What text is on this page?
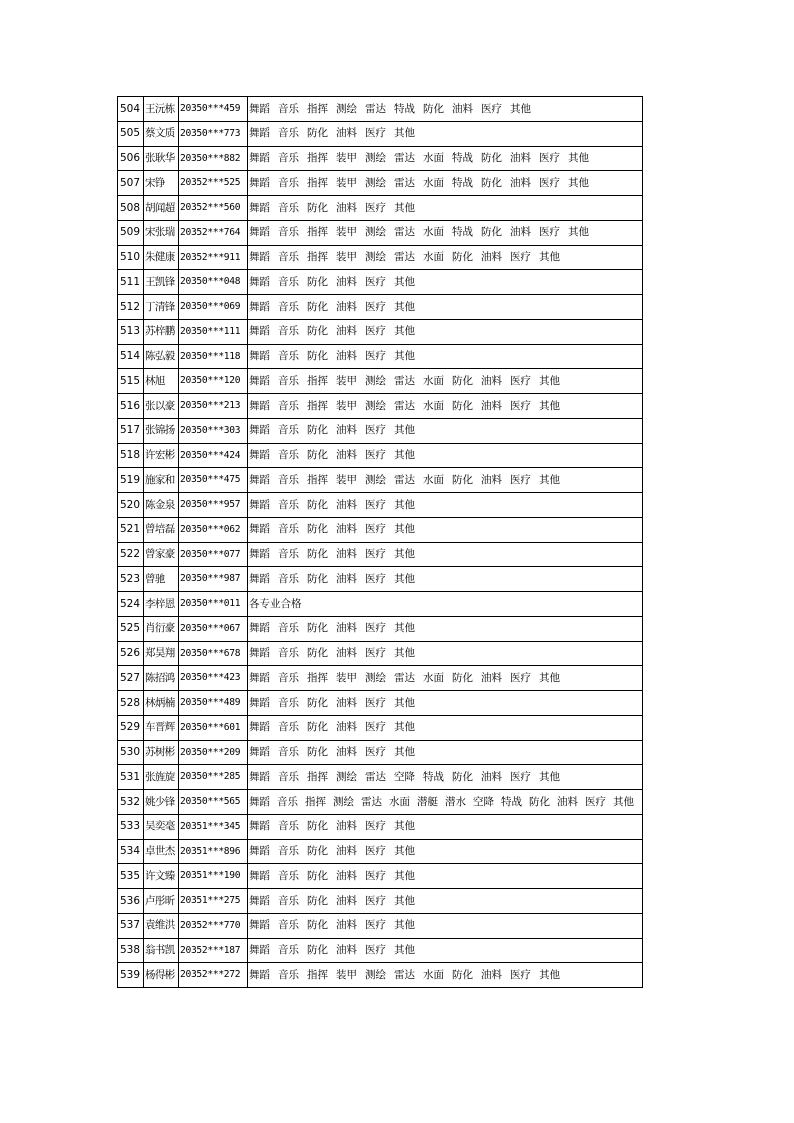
504	王沅栋	20350***459	舞蹈 音乐 指挥 测绘 雷达 特战 防化 油料 医疗 其他
505	蔡文质	20350***773	舞蹈 音乐 防化 油料 医疗 其他
506	张耿华	20350***882	舞蹈 音乐 指挥 装甲 测绘 雷达 水面 特战 防化 油料 医疗 其他
507	宋铮	20352***525	舞蹈 音乐 指挥 装甲 测绘 雷达 水面 特战 防化 油料 医疗 其他
508	胡闻超	20352***560	舞蹈 音乐 防化 油料 医疗 其他
509	宋张瑞	20352***764	舞蹈 音乐 指挥 装甲 测绘 雷达 水面 特战 防化 油料 医疗 其他
510	朱健康	20352***911	舞蹈 音乐 指挥 装甲 测绘 雷达 水面 防化 油料 医疗 其他
511	王凯锋	20350***048	舞蹈 音乐 防化 油料 医疗 其他
512	丁清锋	20350***069	舞蹈 音乐 防化 油料 医疗 其他
513	苏梓鹏	20350***111	舞蹈 音乐 防化 油料 医疗 其他
514	陈弘毅	20350***118	舞蹈 音乐 防化 油料 医疗 其他
515	林旭	20350***120	舞蹈 音乐 指挥 装甲 测绘 雷达 水面 防化 油料 医疗 其他
516	张以豪	20350***213	舞蹈 音乐 指挥 装甲 测绘 雷达 水面 防化 油料 医疗 其他
517	张锦扬	20350***303	舞蹈 音乐 防化 油料 医疗 其他
518	许宏彬	20350***424	舞蹈 音乐 防化 油料 医疗 其他
519	施家和	20350***475	舞蹈 音乐 指挥 装甲 测绘 雷达 水面 防化 油料 医疗 其他
520	陈金泉	20350***957	舞蹈 音乐 防化 油料 医疗 其他
521	曾培磊	20350***062	舞蹈 音乐 防化 油料 医疗 其他
522	曾家豪	20350***077	舞蹈 音乐 防化 油料 医疗 其他
523	曾驰	20350***987	舞蹈 音乐 防化 油料 医疗 其他
524	李梓恩	20350***011	各专业合格
525	肖衍豪	20350***067	舞蹈 音乐 防化 油料 医疗 其他
526	郑昊翔	20350***678	舞蹈 音乐 防化 油料 医疗 其他
527	陈招鸿	20350***423	舞蹈 音乐 指挥 装甲 测绘 雷达 水面 防化 油料 医疗 其他
528	林炳楠	20350***489	舞蹈 音乐 防化 油料 医疗 其他
529	车晋辉	20350***601	舞蹈 音乐 防化 油料 医疗 其他
530	苏树彬	20350***209	舞蹈 音乐 防化 油料 医疗 其他
531	张旌旋	20350***285	舞蹈 音乐 指挥 测绘 雷达 空降 特战 防化 油料 医疗 其他
532	姚少锋	20350***565	舞蹈 音乐 指挥 测绘 雷达 水面 潜艇 潜水 空降 特战 防化 油料 医疗 其他
533	吴奕毫	20351***345	舞蹈 音乐 防化 油料 医疗 其他
534	卓世杰	20351***896	舞蹈 音乐 防化 油料 医疗 其他
535	许文臻	20351***190	舞蹈 音乐 防化 油料 医疗 其他
536	卢彤昕	20351***275	舞蹈 音乐 防化 油料 医疗 其他
537	袁维洪	20352***770	舞蹈 音乐 防化 油料 医疗 其他
538	翁书凯	20352***187	舞蹈 音乐 防化 油料 医疗 其他
539	杨得彬	20352***272	舞蹈 音乐 指挥 装甲 测绘 雷达 水面 防化 油料 医疗 其他
